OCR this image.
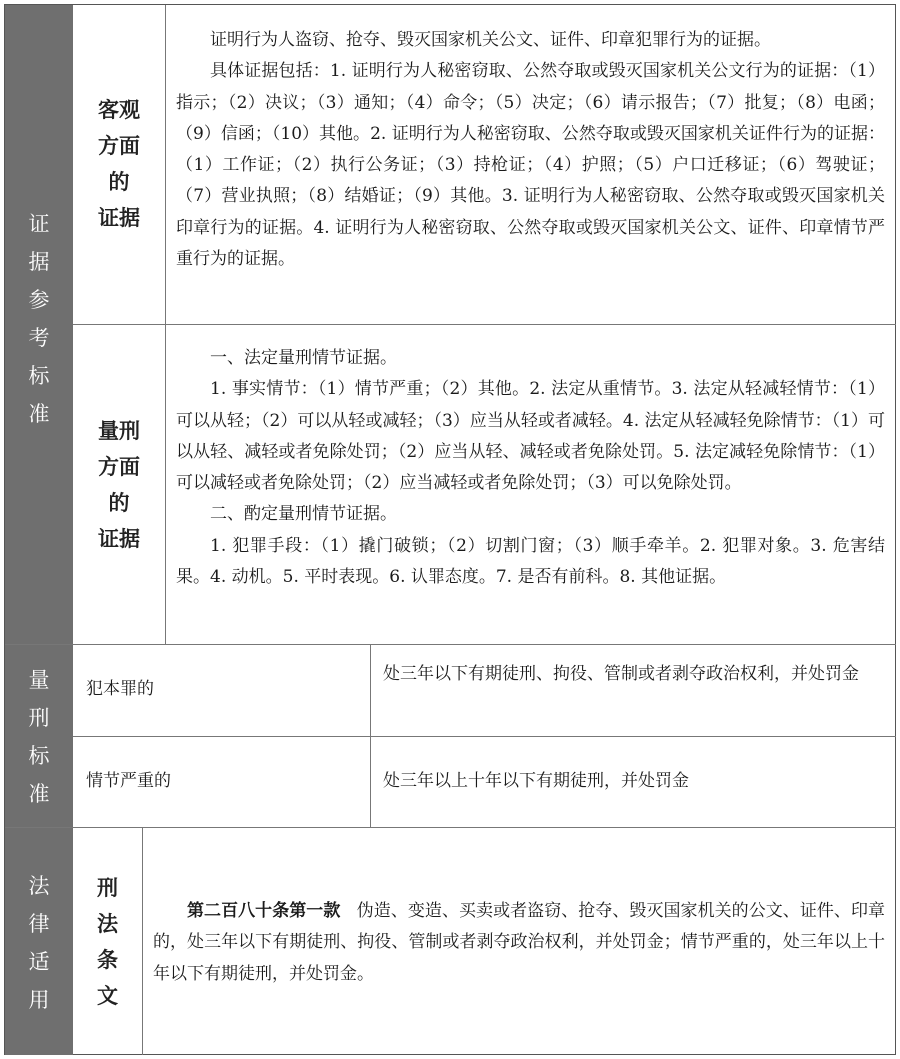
证
据
参
考
标
准
客观
方面
的
证据

证明行为人盗窃、抢夺、毁灭国家机关公文、证件、印章犯罪行为的证据。

具体证据包括：1. 证明行为人秘密窃取、公然夺取或毁灭国家机关公文行为的证据：（1）指示；（2）决议；（3）通知；（4）命令；（5）决定；（6）请示报告；（7）批复；（8）电函；（9）信函；（10）其他。2. 证明行为人秘密窃取、公然夺取或毁灭国家机关证件行为的证据：（1）工作证；（2）执行公务证；（3）持枪证；（4）护照；（5）户口迁移证；（6）驾驶证；（7）营业执照；（8）结婚证；（9）其他。3. 证明行为人秘密窃取、公然夺取或毁灭国家机关印章行为的证据。4. 证明行为人秘密窃取、公然夺取或毁灭国家机关公文、证件、印章情节严重行为的证据。

量刑
方面
的
证据

一、法定量刑情节证据。

1. 事实情节：（1）情节严重；（2）其他。2. 法定从重情节。3. 法定从轻减轻情节：（1）可以从轻；（2）可以从轻或减轻；（3）应当从轻或者减轻。4. 法定从轻减轻免除情节：（1）可以从轻、减轻或者免除处罚；（2）应当从轻、减轻或者免除处罚。5. 法定减轻免除情节：（1）可以减轻或者免除处罚；（2）应当减轻或者免除处罚；（3）可以免除处罚。

二、酌定量刑情节证据。

1. 犯罪手段：（1）撬门破锁；（2）切割门窗；（3）顺手牵羊。2. 犯罪对象。3. 危害结果。4. 动机。5. 平时表现。6. 认罪态度。7. 是否有前科。8. 其他证据。

量
刑
标
准
犯本罪的
处三年以下有期徒刑、拘役、管制或者剥夺政治权利，并处罚金
情节严重的	处三年以上十年以下有期徒刑，并处罚金
法
律
适
用
刑
法
条
文

第二百八十条第一款 伪造、变造、买卖或者盗窃、抢夺、毁灭国家机关的公文、证件、印章的，处三年以下有期徒刑、拘役、管制或者剥夺政治权利，并处罚金；情节严重的，处三年以上十年以下有期徒刑，并处罚金。
